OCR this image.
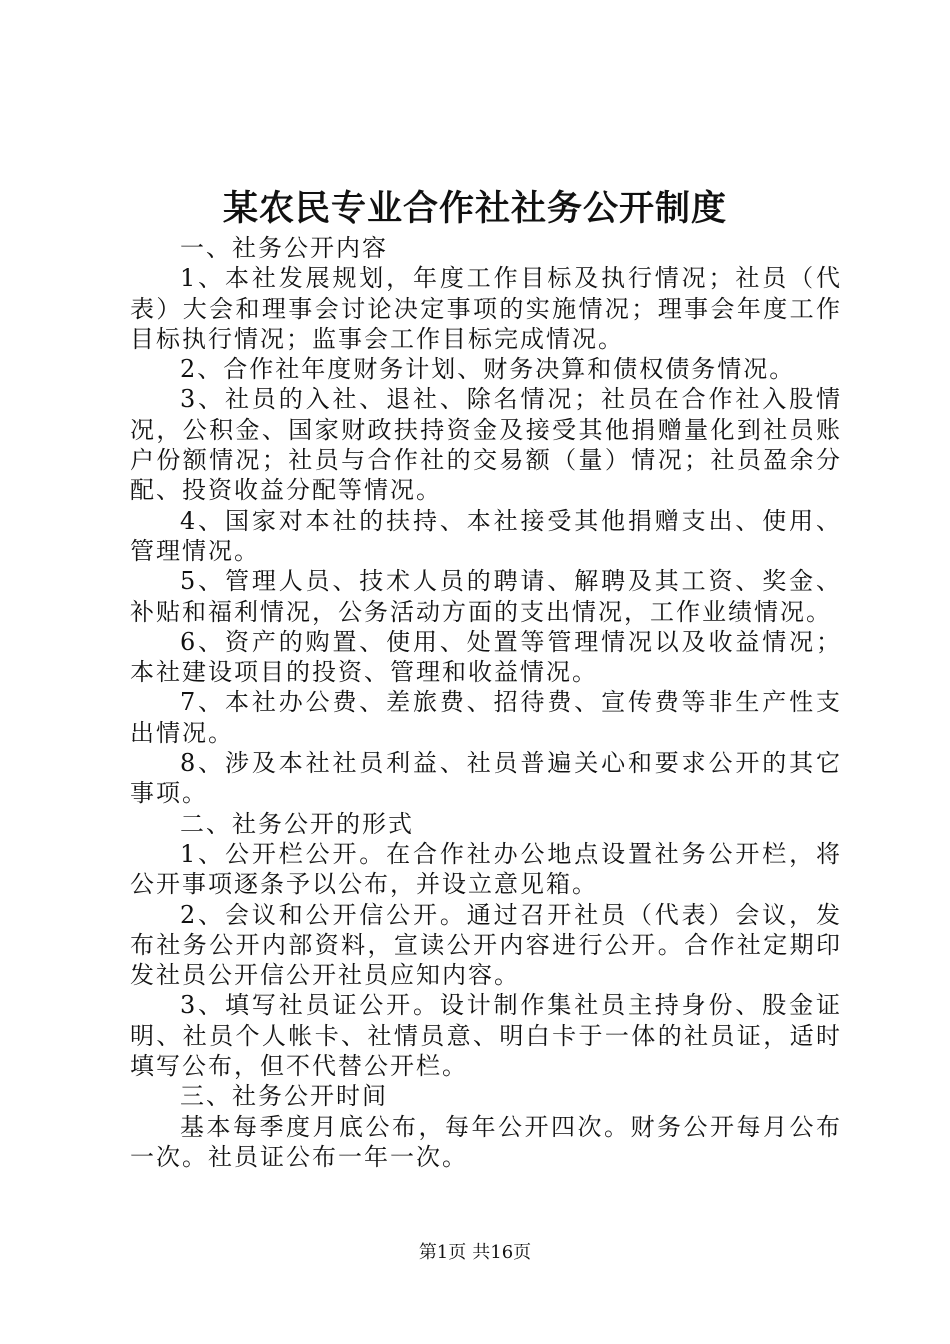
某农民专业合作社社务公开制度

一、社务公开内容

1、本社发展规划，年度工作目标及执行情况；社员（代表）大会和理事会讨论决定事项的实施情况；理事会年度工作目标执行情况；监事会工作目标完成情况。

2、合作社年度财务计划、财务决算和债权债务情况。

3、社员的入社、退社、除名情况；社员在合作社入股情况，公积金、国家财政扶持资金及接受其他捐赠量化到社员账户份额情况；社员与合作社的交易额（量）情况；社员盈余分配、投资收益分配等情况。

4、国家对本社的扶持、本社接受其他捐赠支出、使用、管理情况。

5、管理人员、技术人员的聘请、解聘及其工资、奖金、补贴和福利情况，公务活动方面的支出情况，工作业绩情况。

6、资产的购置、使用、处置等管理情况以及收益情况；本社建设项目的投资、管理和收益情况。

7、本社办公费、差旅费、招待费、宣传费等非生产性支出情况。

8、涉及本社社员利益、社员普遍关心和要求公开的其它事项。

二、社务公开的形式

1、公开栏公开。在合作社办公地点设置社务公开栏，将公开事项逐条予以公布，并设立意见箱。

2、会议和公开信公开。通过召开社员（代表）会议，发布社务公开内部资料，宣读公开内容进行公开。合作社定期印发社员公开信公开社员应知内容。

3、填写社员证公开。设计制作集社员主持身份、股金证明、社员个人帐卡、社情员意、明白卡于一体的社员证，适时填写公布，但不代替公开栏。

三、社务公开时间

基本每季度月底公布，每年公开四次。财务公开每月公布一次。社员证公布一年一次。

第1页 共16页
